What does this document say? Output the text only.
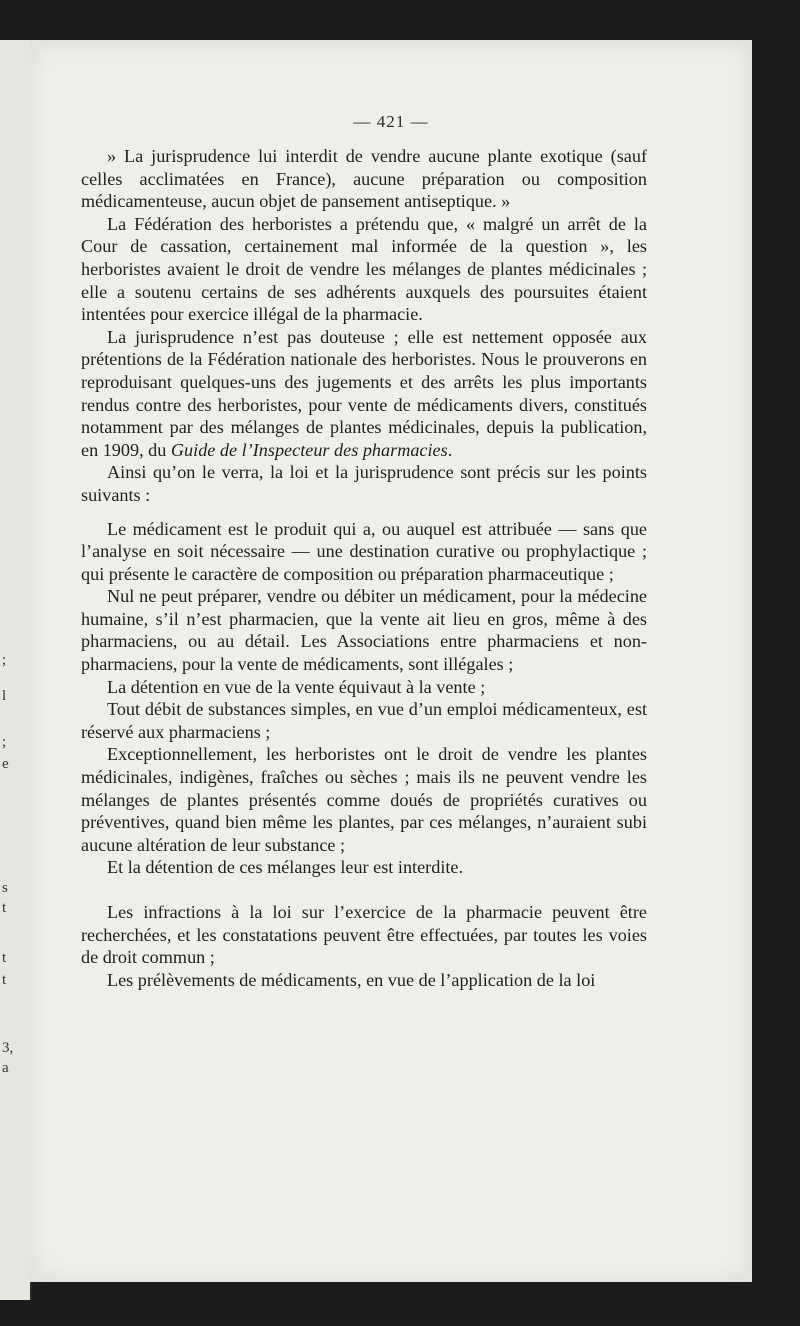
;
l
;
e
s
t
t
t
3,
a
— 421 —

» La jurisprudence lui interdit de vendre aucune plante exotique (sauf celles acclimatées en France), aucune préparation ou composition médicamenteuse, aucun objet de pansement antiseptique. »

La Fédération des herboristes a prétendu que, « malgré un arrêt de la Cour de cassation, certainement mal informée de la question », les herboristes avaient le droit de vendre les mélanges de plantes médicinales ; elle a soutenu certains de ses adhérents auxquels des poursuites étaient intentées pour exercice illégal de la pharmacie.

La jurisprudence n’est pas douteuse ; elle est nettement opposée aux prétentions de la Fédération nationale des herboristes. Nous le prouverons en reproduisant quelques-uns des jugements et des arrêts les plus importants rendus contre des herboristes, pour vente de médicaments divers, constitués notamment par des mélanges de plantes médicinales, depuis la publication, en 1909, du Guide de l’Inspecteur des pharmacies.

Ainsi qu’on le verra, la loi et la jurisprudence sont précis sur les points suivants :

Le médicament est le produit qui a, ou auquel est attribuée — sans que l’analyse en soit nécessaire — une destination curative ou prophylactique ; qui présente le caractère de composition ou préparation pharmaceutique ;

Nul ne peut préparer, vendre ou débiter un médicament, pour la médecine humaine, s’il n’est pharmacien, que la vente ait lieu en gros, même à des pharmaciens, ou au détail. Les Associations entre pharmaciens et non-pharmaciens, pour la vente de médicaments, sont illégales ;

La détention en vue de la vente équivaut à la vente ;

Tout débit de substances simples, en vue d’un emploi médicamenteux, est réservé aux pharmaciens ;

Exceptionnellement, les herboristes ont le droit de vendre les plantes médicinales, indigènes, fraîches ou sèches ; mais ils ne peuvent vendre les mélanges de plantes présentés comme doués de propriétés curatives ou préventives, quand bien même les plantes, par ces mélanges, n’auraient subi aucune altération de leur substance ;

Et la détention de ces mélanges leur est interdite.

Les infractions à la loi sur l’exercice de la pharmacie peuvent être recherchées, et les constatations peuvent être effectuées, par toutes les voies de droit commun ;

Les prélèvements de médicaments, en vue de l’application de la loi
